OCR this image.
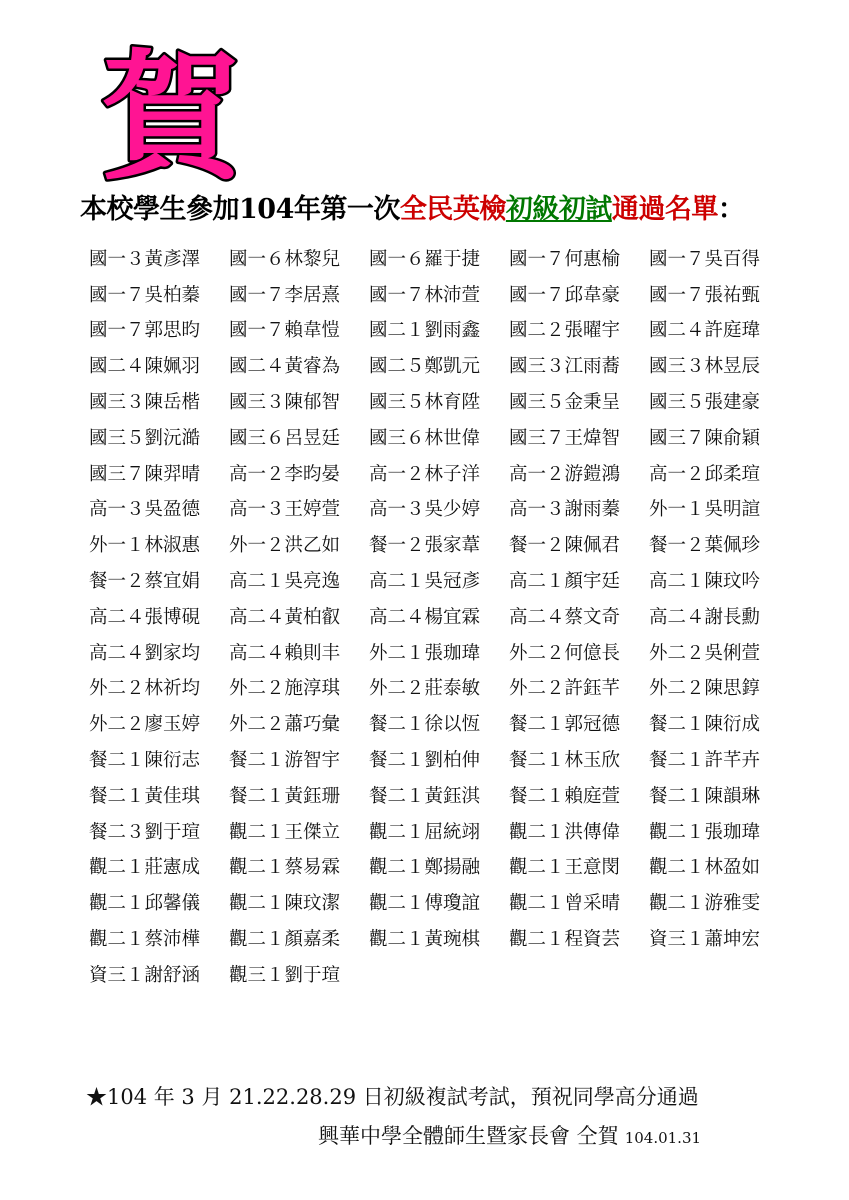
賀
本校學生參加104年第一次全民英檢初級初試通過名單：
國一３黃彥澤	國一６林黎兒	國一６羅于捷	國一７何惠榆	國一７吳百得
國一７吳柏蓁	國一７李居熹	國一７林沛萱	國一７邱韋豪	國一７張祐甄
國一７郭思昀	國一７賴韋愷	國二１劉雨鑫	國二２張曜宇	國二４許庭瑋
國二４陳姵羽	國二４黃睿為	國二５鄭凱元	國三３江雨蕎	國三３林昱辰
國三３陳岳楷	國三３陳郁智	國三５林育陞	國三５金秉呈	國三５張建豪
國三５劉沅澔	國三６呂昱廷	國三６林世偉	國三７王煒智	國三７陳俞穎
國三７陳羿晴	高一２李昀晏	高一２林子洋	高一２游鎧鴻	高一２邱柔瑄
高一３吳盈德	高一３王婷萱	高一３吳少婷	高一３謝雨蓁	外一１吳明諠
外一１林淑惠	外一２洪乙如	餐一２張家葦	餐一２陳佩君	餐一２葉佩珍
餐一２蔡宜娟	高二１吳亮逸	高二１吳冠彥	高二１顏宇廷	高二１陳玟吟
高二４張博硯	高二４黃柏叡	高二４楊宜霖	高二４蔡文奇	高二４謝長勳
高二４劉家均	高二４賴則丰	外二１張珈瑋	外二２何億長	外二２吳俐萱
外二２林祈均	外二２施淳琪	外二２莊泰敏	外二２許鈺芊	外二２陳思錞
外二２廖玉婷	外二２蕭巧彙	餐二１徐以恆	餐二１郭冠德	餐二１陳衍成
餐二１陳衍志	餐二１游智宇	餐二１劉柏伸	餐二１林玉欣	餐二１許芊卉
餐二１黃佳琪	餐二１黃鈺珊	餐二１黃鈺淇	餐二１賴庭萱	餐二１陳韻琳
餐二３劉于瑄	觀二１王傑立	觀二１屈統翊	觀二１洪傳偉	觀二１張珈瑋
觀二１莊憲成	觀二１蔡易霖	觀二１鄭揚融	觀二１王意閔	觀二１林盈如
觀二１邱馨儀	觀二１陳玟潔	觀二１傅瓊誼	觀二１曾采晴	觀二１游雅雯
觀二１蔡沛樺	觀二１顏嘉柔	觀二１黃琬棋	觀二１程資芸	資三１蕭坤宏
資三１謝舒涵	觀三１劉于瑄
★104 年 3 月 21.22.28.29 日初級複試考試，預祝同學高分通過
興華中學全體師生暨家長會 仝賀 104.01.31
